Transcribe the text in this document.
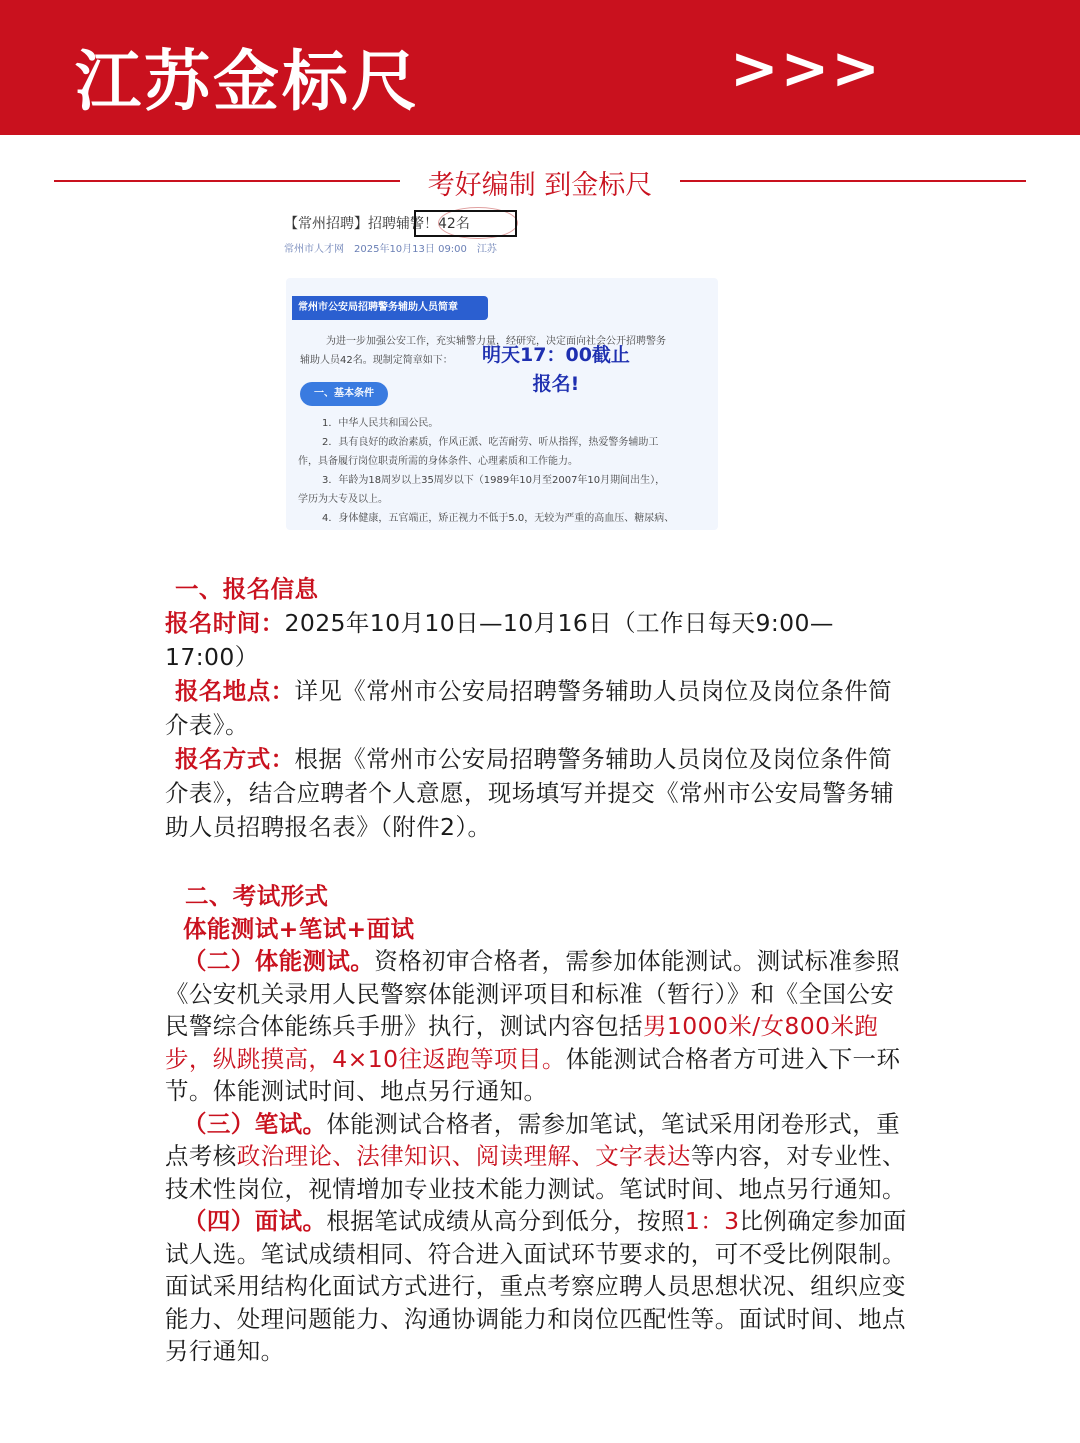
江苏金标尺	>>>
考好编制 到金标尺
【常州招聘】招聘辅警！42名
常州市人才网　2025年10月13日 09:00　江苏
常州市公安局招聘警务辅助人员简章
为进一步加强公安工作，充实辅警力量，经研究，决定面向社会公开招聘警务
辅助人员42名。现制定简章如下：
一、基本条件
1．中华人民共和国公民。
2．具有良好的政治素质，作风正派、吃苦耐劳、听从指挥，热爱警务辅助工
作，具备履行岗位职责所需的身体条件、心理素质和工作能力。
3．年龄为18周岁以上35周岁以下（1989年10月至2007年10月期间出生），
学历为大专及以上。
4．身体健康，五官端正，矫正视力不低于5.0，无较为严重的高血压、糖尿病、
明天17：00截止
报名!
一、报名信息
报名时间：2025年10月10日—10月16日（工作日每天9:00—17:00）
报名地点：详见《常州市公安局招聘警务辅助人员岗位及岗位条件简介表》。
报名方式：根据《常州市公安局招聘警务辅助人员岗位及岗位条件简介表》，结合应聘者个人意愿，现场填写并提交《常州市公安局警务辅助人员招聘报名表》（附件2）。
二、考试形式
体能测试+笔试+面试
（二）体能测试。资格初审合格者，需参加体能测试。测试标准参照《公安机关录用人民警察体能测评项目和标准（暂行）》和《全国公安民警综合体能练兵手册》执行，测试内容包括男1000米/女800米跑步，纵跳摸高，4×10往返跑等项目。体能测试合格者方可进入下一环节。体能测试时间、地点另行通知。
（三）笔试。体能测试合格者，需参加笔试，笔试采用闭卷形式，重点考核政治理论、法律知识、阅读理解、文字表达等内容，对专业性、技术性岗位，视情增加专业技术能力测试。笔试时间、地点另行通知。
（四）面试。根据笔试成绩从高分到低分，按照1：3比例确定参加面试人选。笔试成绩相同、符合进入面试环节要求的，可不受比例限制。面试采用结构化面试方式进行，重点考察应聘人员思想状况、组织应变能力、处理问题能力、沟通协调能力和岗位匹配性等。面试时间、地点另行通知。
